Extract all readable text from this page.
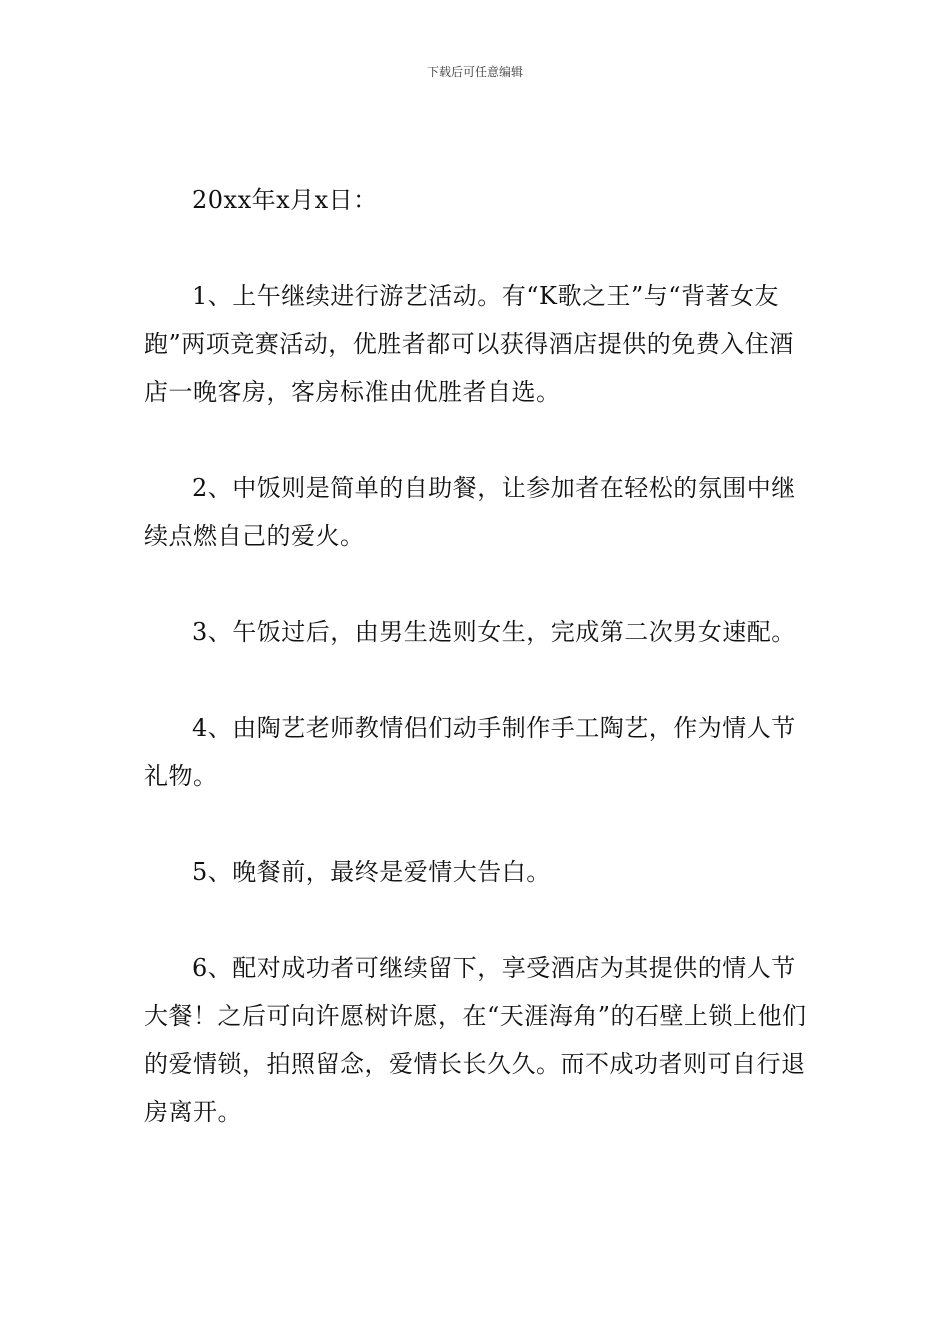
下载后可任意编辑

20xx年x月x日：

1、上午继续进行游艺活动。有“K歌之王”与“背著女友跑”两项竞赛活动，优胜者都可以获得酒店提供的免费入住酒店一晚客房，客房标准由优胜者自选。

2、中饭则是简单的自助餐，让参加者在轻松的氛围中继续点燃自己的爱火。

3、午饭过后，由男生选则女生，完成第二次男女速配。

4、由陶艺老师教情侣们动手制作手工陶艺，作为情人节礼物。

5、晚餐前，最终是爱情大告白。

6、配对成功者可继续留下，享受酒店为其提供的情人节大餐！之后可向许愿树许愿，在“天涯海角”的石壁上锁上他们的爱情锁，拍照留念，爱情长长久久。而不成功者则可自行退房离开。
